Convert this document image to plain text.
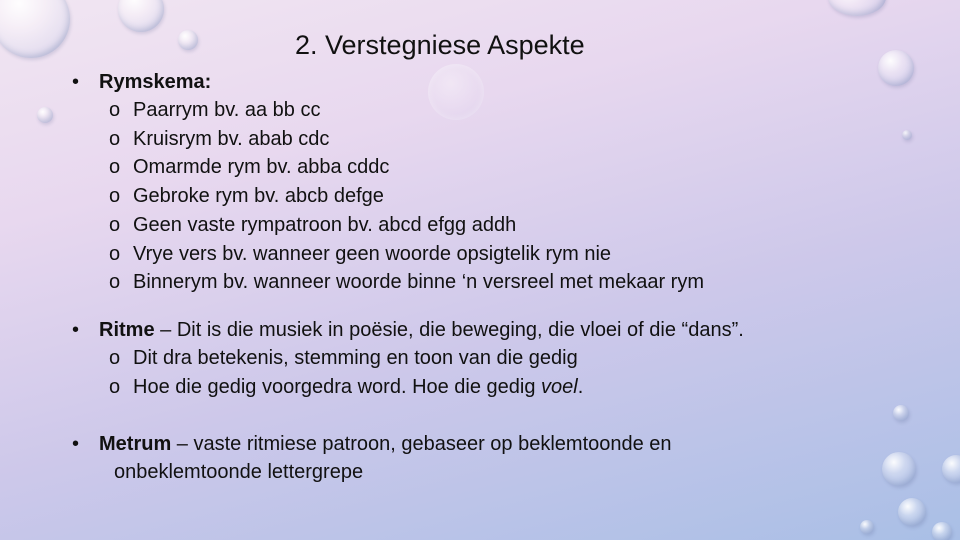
2. Verstegniese Aspekte
• Rymskema:
o Paarrym bv. aa bb cc
o Kruisrym bv. abab cdc
o Omarmde rym bv. abba cddc
o Gebroke rym bv. abcb defge
o Geen vaste rympatroon bv. abcd efgg addh
o Vrye vers bv. wanneer geen woorde opsigtelik rym nie
o Binnerym bv. wanneer woorde binne ‘n versreel met mekaar rym
• Ritme – Dit is die musiek in poësie, die beweging, die vloei of die “dans”.
o Dit dra betekenis, stemming en toon van die gedig
o Hoe die gedig voorgedra word. Hoe die gedig voel.
• Metrum – vaste ritmiese patroon, gebaseer op beklemtoonde en
onbeklemtoonde lettergrepe
